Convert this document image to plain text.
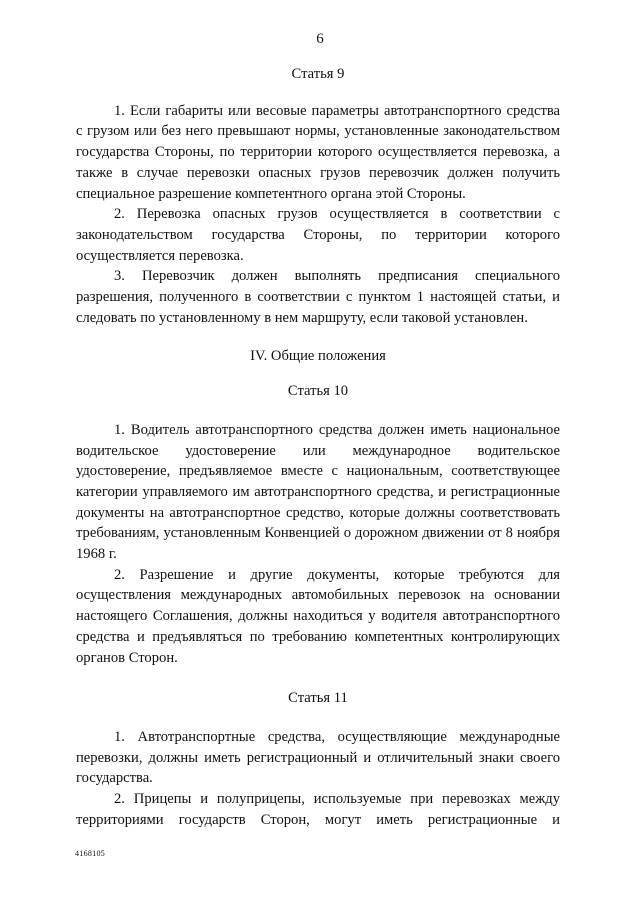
6

Статья 9

1. Если габариты или весовые параметры автотранспортного средства с грузом или без него превышают нормы, установленные законодательством государства Стороны, по территории которого осуществляется перевозка, а также в случае перевозки опасных грузов перевозчик должен получить специальное разрешение компетентного органа этой Стороны.

2. Перевозка опасных грузов осуществляется в соответствии с законодательством государства Стороны, по территории которого осуществляется перевозка.

3. Перевозчик должен выполнять предписания специального разрешения, полученного в соответствии с пунктом 1 настоящей статьи, и следовать по установленному в нем маршруту, если таковой установлен.

IV. Общие положения

Статья 10

1. Водитель автотранспортного средства должен иметь национальное водительское удостоверение или международное водительское удостоверение, предъявляемое вместе с национальным, соответствующее категории управляемого им автотранспортного средства, и регистрационные документы на автотранспортное средство, которые должны соответствовать требованиям, установленным Конвенцией о дорожном движении от 8 ноября 1968 г.

2. Разрешение и другие документы, которые требуются для осуществления международных автомобильных перевозок на основании настоящего Соглашения, должны находиться у водителя автотранспортного средства и предъявляться по требованию компетентных контролирующих органов Сторон.

Статья 11

1. Автотранспортные средства, осуществляющие международные перевозки, должны иметь регистрационный и отличительный знаки своего государства.

2. Прицепы и полуприцепы, используемые при перевозках между территориями государств Сторон, могут иметь регистрационные и

4168105
